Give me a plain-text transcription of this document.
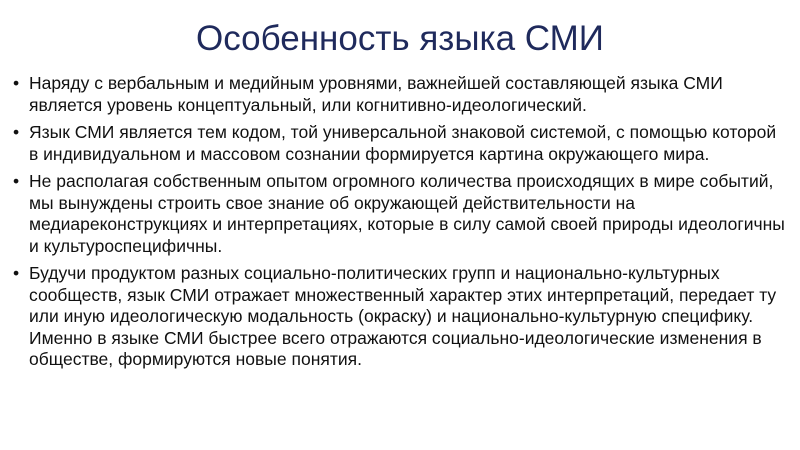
Особенность языка СМИ
• Наряду с вербальным и медийным уровнями, важнейшей составляющей языка СМИ является уровень концептуальный, или когнитивно-идеологический.
• Язык СМИ является тем кодом, той универсальной знаковой системой, с помощью которой в индивидуальном и массовом сознании формируется картина окружающего мира.
• Не располагая собственным опытом огромного количества происходящих в мире событий, мы вынуждены строить свое знание об окружающей действительности на медиареконструкциях и интерпретациях, которые в силу самой своей природы идеологичны и культуроспецифичны.
• Будучи продуктом разных социально-политических групп и национально-культурных сообществ, язык СМИ отражает множественный характер этих интерпретаций, передает ту или иную идеологическую модальность (окраску) и национально-культурную специфику. Именно в языке СМИ быстрее всего отражаются социально-идеологические изменения в обществе, формируются новые понятия.
